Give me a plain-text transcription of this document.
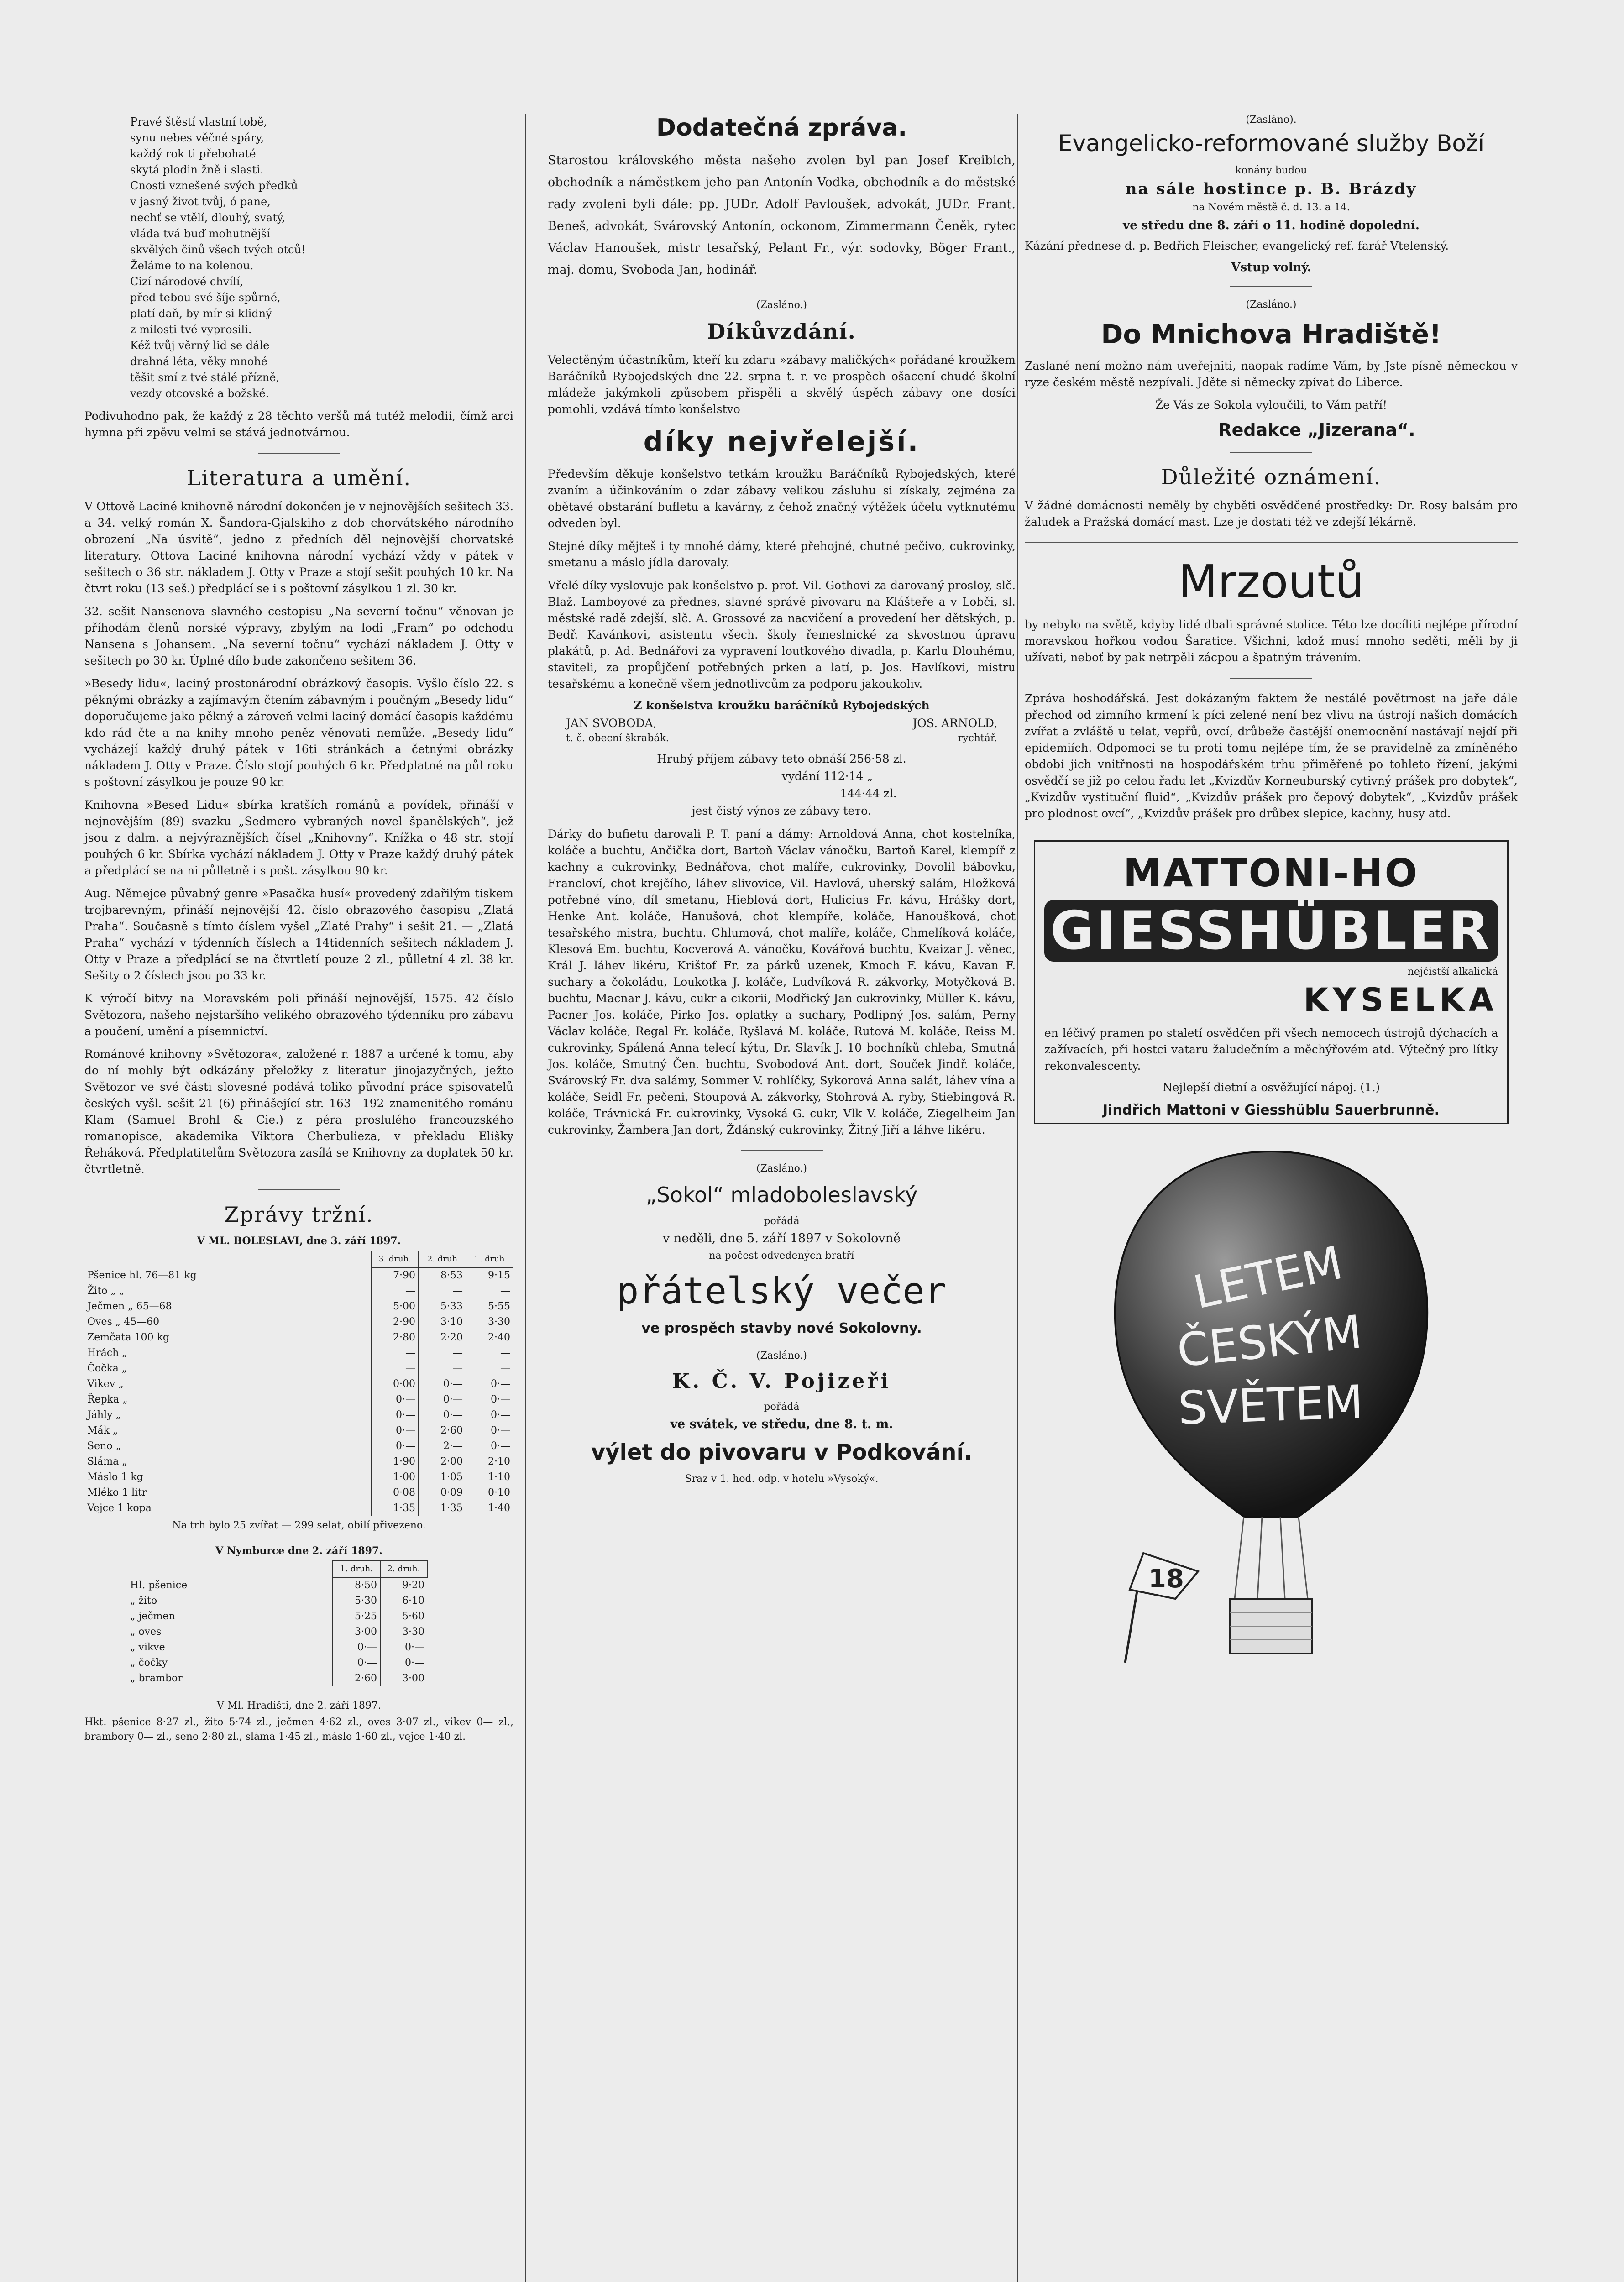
Pravé štěstí vlastní tobě,
synu nebes věčné spáry,
každý rok ti přebohaté
skytá plodin žně i slasti.
Cnosti vznešené svých předků
v jasný život tvůj, ó pane,
nechť se vtělí, dlouhý, svatý,
vláda tvá buď mohutnější
skvělých činů všech tvých otců!
Želáme to na kolenou.
Cizí národové chvílí,
před tebou své šíje spůrné,
platí daň, by mír si klidný
z milosti tvé vyprosili.
Kéž tvůj věrný lid se dále
drahná léta, věky mnohé
těšit smí z tvé stálé přízně,
vezdy otcovské a božské.

Podivuhodno pak, že každý z 28 těchto veršů má tutéž melodii, čímž arci hymna při zpěvu velmi se stává jednotvárnou.

Literatura a umění.

V Ottově Laciné knihovně národní dokončen je v nejnovějších sešitech 33. a 34. velký román X. Šandora-Gjalskiho z dob chorvátského národního obrození „Na úsvitě“, jedno z předních děl nejnovější chorvatské literatury. Ottova Laciné knihovna národní vychází vždy v pátek v sešitech o 36 str. nákladem J. Otty v Praze a stojí sešit pouhých 10 kr. Na čtvrt roku (13 seš.) předplácí se i s poštovní zásylkou 1 zl. 30 kr.

32. sešit Nansenova slavného cestopisu „Na severní točnu“ věnovan je příhodám členů norské výpravy, zbylým na lodi „Fram“ po odchodu Nansena s Johansem. „Na severní točnu“ vychází nákladem J. Otty v sešitech po 30 kr. Úplné dílo bude zakončeno sešitem 36.

»Besedy lidu«, laciný prostonárodní obrázkový časopis. Vyšlo číslo 22. s pěknými obrázky a zajímavým čtením zábavným i poučným „Besedy lidu“ doporučujeme jako pěkný a zároveň velmi laciný domácí časopis každému kdo rád čte a na knihy mnoho peněz věnovati nemůže. „Besedy lidu“ vycházejí každý druhý pátek v 16ti stránkách a četnými obrázky nákladem J. Otty v Praze. Číslo stojí pouhých 6 kr. Předplatné na půl roku s poštovní zásylkou je pouze 90 kr.

Knihovna »Besed Lidu« sbírka kratších románů a povídek, přináší v nejnovějším (89) svazku „Sedmero vybraných novel španělských“, jež jsou z dalm. a nejvýraznějších čísel „Knihovny“. Knížka o 48 str. stojí pouhých 6 kr. Sbírka vychází nákladem J. Otty v Praze každý druhý pátek a předplácí se na ni půlletně i s pošt. zásylkou 90 kr.

Aug. Němejce půvabný genre »Pasačka husí« provedený zdařilým tiskem trojbarevným, přináší nejnovější 42. číslo obrazového časopisu „Zlatá Praha“. Současně s tímto číslem vyšel „Zlaté Prahy“ i sešit 21. — „Zlatá Praha“ vychází v týdenních číslech a 14tidenních sešitech nákladem J. Otty v Praze a předplácí se na čtvrtletí pouze 2 zl., půlletní 4 zl. 38 kr. Sešity o 2 číslech jsou po 33 kr.

K výročí bitvy na Moravském poli přináší nejnovější, 1575. 42 číslo Světozora, našeho nejstaršího velikého obrazového týdenníku pro zábavu a poučení, umění a písemnictví.

Románové knihovny »Světozora«, založené r. 1887 a určené k tomu, aby do ní mohly být odkázány přeložky z literatur jinojazyčných, ježto Světozor ve své části slovesné podává toliko původní práce spisovatelů českých vyšl. sešit 21 (6) přinášející str. 163—192 znamenitého románu Klam (Samuel Brohl & Cie.) z péra proslulého francouzského romanopisce, akademika Viktora Cherbulieza, v překladu Elišky Řeháková. Předplatitelům Světozora zasílá se Knihovny za doplatek 50 kr. čtvrtletně.

Zprávy tržní.
V ML. BOLESLAVI, dne 3. září 1897.
	3. druh.	2. druh	1. druh
Pšenice hl. 76—81 kg	7·90	8·53	9·15
Žito „ „	—	—	—
Ječmen „ 65—68	5·00	5·33	5·55
Oves „ 45—60	2·90	3·10	3·30
Zemčata 100 kg	2·80	2·20	2·40
Hrách „	—	—	—
Čočka „	—	—	—
Vikev „	0·00	0·—	0·—
Řepka „	0·—	0·—	0·—
Jáhly „	0·—	0·—	0·—
Mák „	0·—	2·60	0·—
Seno „	0·—	2·—	0·—
Sláma „	1·90	2·00	2·10
Máslo 1 kg	1·00	1·05	1·10
Mléko 1 litr	0·08	0·09	0·10
Vejce 1 kopa	1·35	1·35	1·40
Na trh bylo 25 zvířat — 299 selat, obilí přivezeno.
V Nymburce dne 2. září 1897.
	1. druh.	2. druh.
Hl. pšenice	8·50	9·20
„ žito	5·30	6·10
„ ječmen	5·25	5·60
„ oves	3·00	3·30
„ vikve	0·—	0·—
„ čočky	0·—	0·—
„ brambor	2·60	3·00
V Ml. Hradišti, dne 2. září 1897.

Hkt. pšenice 8·27 zl., žito 5·74 zl., ječmen 4·62 zl., oves 3·07 zl., vikev 0— zl., brambory 0— zl., seno 2·80 zl., sláma 1·45 zl., máslo 1·60 zl., vejce 1·40 zl.

Dodatečná zpráva.

Starostou královského města našeho zvolen byl pan Josef Kreibich, obchodník a náměstkem jeho pan Antonín Vodka, obchodník a do městské rady zvoleni byli dále: pp. JUDr. Adolf Pavloušek, advokát, JUDr. Frant. Beneš, advokát, Svárovský Antonín, ockonom, Zimmermann Čeněk, rytec Václav Hanoušek, mistr tesařský, Pelant Fr., výr. sodovky, Böger Frant., maj. domu, Svoboda Jan, hodinář.

(Zasláno.)
Díkůvzdání.

Velectěným účastníkům, kteří ku zdaru »zábavy maličkých« pořádané kroužkem Baráčníků Rybojedských dne 22. srpna t. r. ve prospěch ošacení chudé školní mládeže jakýmkoli způsobem přispěli a skvělý úspěch zábavy one dosíci pomohli, vzdává tímto konšelstvo

díky nejvřelejší.

Především děkuje konšelstvo tetkám kroužku Baráčníků Rybojedských, které zvaním a účinkováním o zdar zábavy velikou zásluhu si získaly, zejména za obětavé obstarání bufletu a kavárny, z čehož značný výtěžek účelu vytknutému odveden byl.

Stejné díky mějteš i ty mnohé dámy, které přehojné, chutné pečivo, cukrovinky, smetanu a máslo jídla darovaly.

Vřelé díky vyslovuje pak konšelstvo p. prof. Vil. Gothovi za darovaný prosloy, slč. Blaž. Lamboyové za přednes, slavné správě pivovaru na Klášteře a v Lobči, sl. městské radě zdejší, slč. A. Grossové za nacvičení a provedení her dětských, p. Bedř. Kavánkovi, asistentu všech. školy řemeslnické za skvostnou úpravu plakátů, p. Ad. Bednářovi za vypravení loutkového divadla, p. Karlu Dlouhému, staviteli, za propůjčení potřebných prken a latí, p. Jos. Havlíkovi, mistru tesařskému a konečně všem jednotlivcům za podporu jakoukoliv.

Z konšelstva kroužku baráčníků Rybojedských
JAN SVOBODA,	JOS. ARNOLD,
t. č. obecní škrabák.	rychtář.
Hrubý příjem zábavy teto obnáší 256·58 zl.
vydání 112·14 „
144·44 zl.
jest čistý výnos ze zábavy tето.

Dárky do bufietu darovali P. T. paní a dámy: Arnoldová Anna, chot kostelníka, koláče a buchtu, Ančička dort, Bartoň Václav vánočku, Bartoň Karel, klempíř z kachny a cukrovinky, Bednářova, chot malíře, cukrovinky, Dovolil bábovku, Francloví, chot krejčího, láhev slivovice, Vil. Havlová, uherský salám, Hložková potřebné víno, díl smetanu, Hieblová dort, Hulicius Fr. kávu, Hrášky dort, Henke Ant. koláče, Hanušová, chot klempíře, koláče, Hanoušková, chot tesařského mistra, buchtu. Chlumová, chot malíře, koláče, Chmelíková koláče, Klesová Em. buchtu, Kocverová A. vánočku, Kovářová buchtu, Kvaizar J. věnec, Král J. láhev likéru, Krištof Fr. za párků uzenek, Kmoch F. kávu, Kavan F. suchary a čokoládu, Loukotka J. koláče, Ludvíková R. zákvorky, Motyčková B. buchtu, Macnar J. kávu, cukr a cikorii, Modřický Jan cukrovinky, Müller K. kávu, Pacner Jos. koláče, Pirko Jos. oplatky a suchary, Podlipný Jos. salám, Perny Václav koláče, Regal Fr. koláče, Ryšlavá M. koláče, Rutová M. koláče, Reiss M. cukrovinky, Spálená Anna telecí kýtu, Dr. Slavík J. 10 bochníků chleba, Smutná Jos. koláče, Smutný Čen. buchtu, Svobodová Ant. dort, Souček Jindř. koláče, Svárovský Fr. dva salámy, Sommer V. rohlíčky, Sykorová Anna salát, láhev vína a koláče, Seidl Fr. pečeni, Stoupová A. zákvorky, Stohrová A. ryby, Stiebingová R. koláče, Trávnická Fr. cukrovinky, Vysoká G. cukr, Vlk V. koláče, Ziegelheim Jan cukrovinky, Žambera Jan dort, Ždánský cukrovinky, Žitný Jiří a láhve likéru.

(Zasláno.)
„Sokol“ mladoboleslavský
pořádá
v neděli, dne 5. září 1897 v Sokolovně
na počest odvedených bratří
přátelský večer
ve prospěch stavby nové Sokolovny.
(Zasláno.)
K. Č. V. Pojizeři
pořádá
ve svátek, ve středu, dne 8. t. m.
výlet do pivovaru v Podkování.
Sraz v 1. hod. odp. v hotelu »Vysoký«.
(Zasláno).
Evangelicko-reformované služby Boží
konány budou
na sále hostince p. B. Brázdy
na Novém městě č. d. 13. a 14.
ve středu dne 8. září o 11. hodině dopolední.

Kázání přednese d. p. Bedřich Fleischer, evangelický ref. farář Vtelenský.

Vstup volný.
(Zasláno.)
Do Mnichova Hradiště!

Zaslané není možno nám uveřejniti, naopak radíme Vám, by Jste písně německou v ryze českém městě nezpívali. Jděte si německy zpívat do Liberce.

Že Vás ze Sokola vyloučili, to Vám patří!

Redakce „Jizerana“.
Důležité oznámení.

V žádné domácnosti neměly by chyběti osvědčené prostředky: Dr. Rosy balsám pro žaludek a Pražská domácí mast. Lze je dostati též ve zdejší lékárně.

Mrzoutů

by nebylo na světě, kdyby lidé dbali správné stolice. Této lze docíliti nejlépe přírodní moravskou hořkou vodou Šaratice. Všichni, kdož musí mnoho seděti, měli by ji užívati, neboť by pak netrpěli zácpou a špatným trávením.

Zpráva hoshodářská. Jest dokázaným faktem že nestálé povětrnost na jaře dále přechod od zimního krmení k píci zelené není bez vlivu na ústrojí našich domácích zvířat a zvláště u telat, vepřů, ovcí, drůbeže častější onemocnění nastávají nejdí při epidemiích. Odpomoci se tu proti tomu nejlépe tím, že se pravidelně za zmíněného období jich vnitřnosti na hospodářském trhu přiměřené po tohleto řízení, jakými osvědčí se již po celou řadu let „Kvizdův Korneuburský cytivný prášek pro dobytek“, „Kvizdův vystituční fluid“, „Kvizdův prášek pro čepový dobytek“, „Kvizdův prášek pro plodnost ovcí“, „Kvizdův prášek pro drůbex slepice, kachny, husy atd.

MATTONI-HO
GIESSHÜBLER
nejčistší alkalická
KYSELKA

en léčivý pramen po staletí osvědčen při všech nemocech ústrojů dýchacích a zažívacích, při hostci vataru žaludečním a měchýřovém atd. Výtečný pro lítky rekonvalescenty.

Nejlepší dietní a osvěžující nápoj. (1.)
Jindřich Mattoni v Giesshüblu Sauerbrunně.
18
LETEM
ČESKÝM
SVĚTEM
